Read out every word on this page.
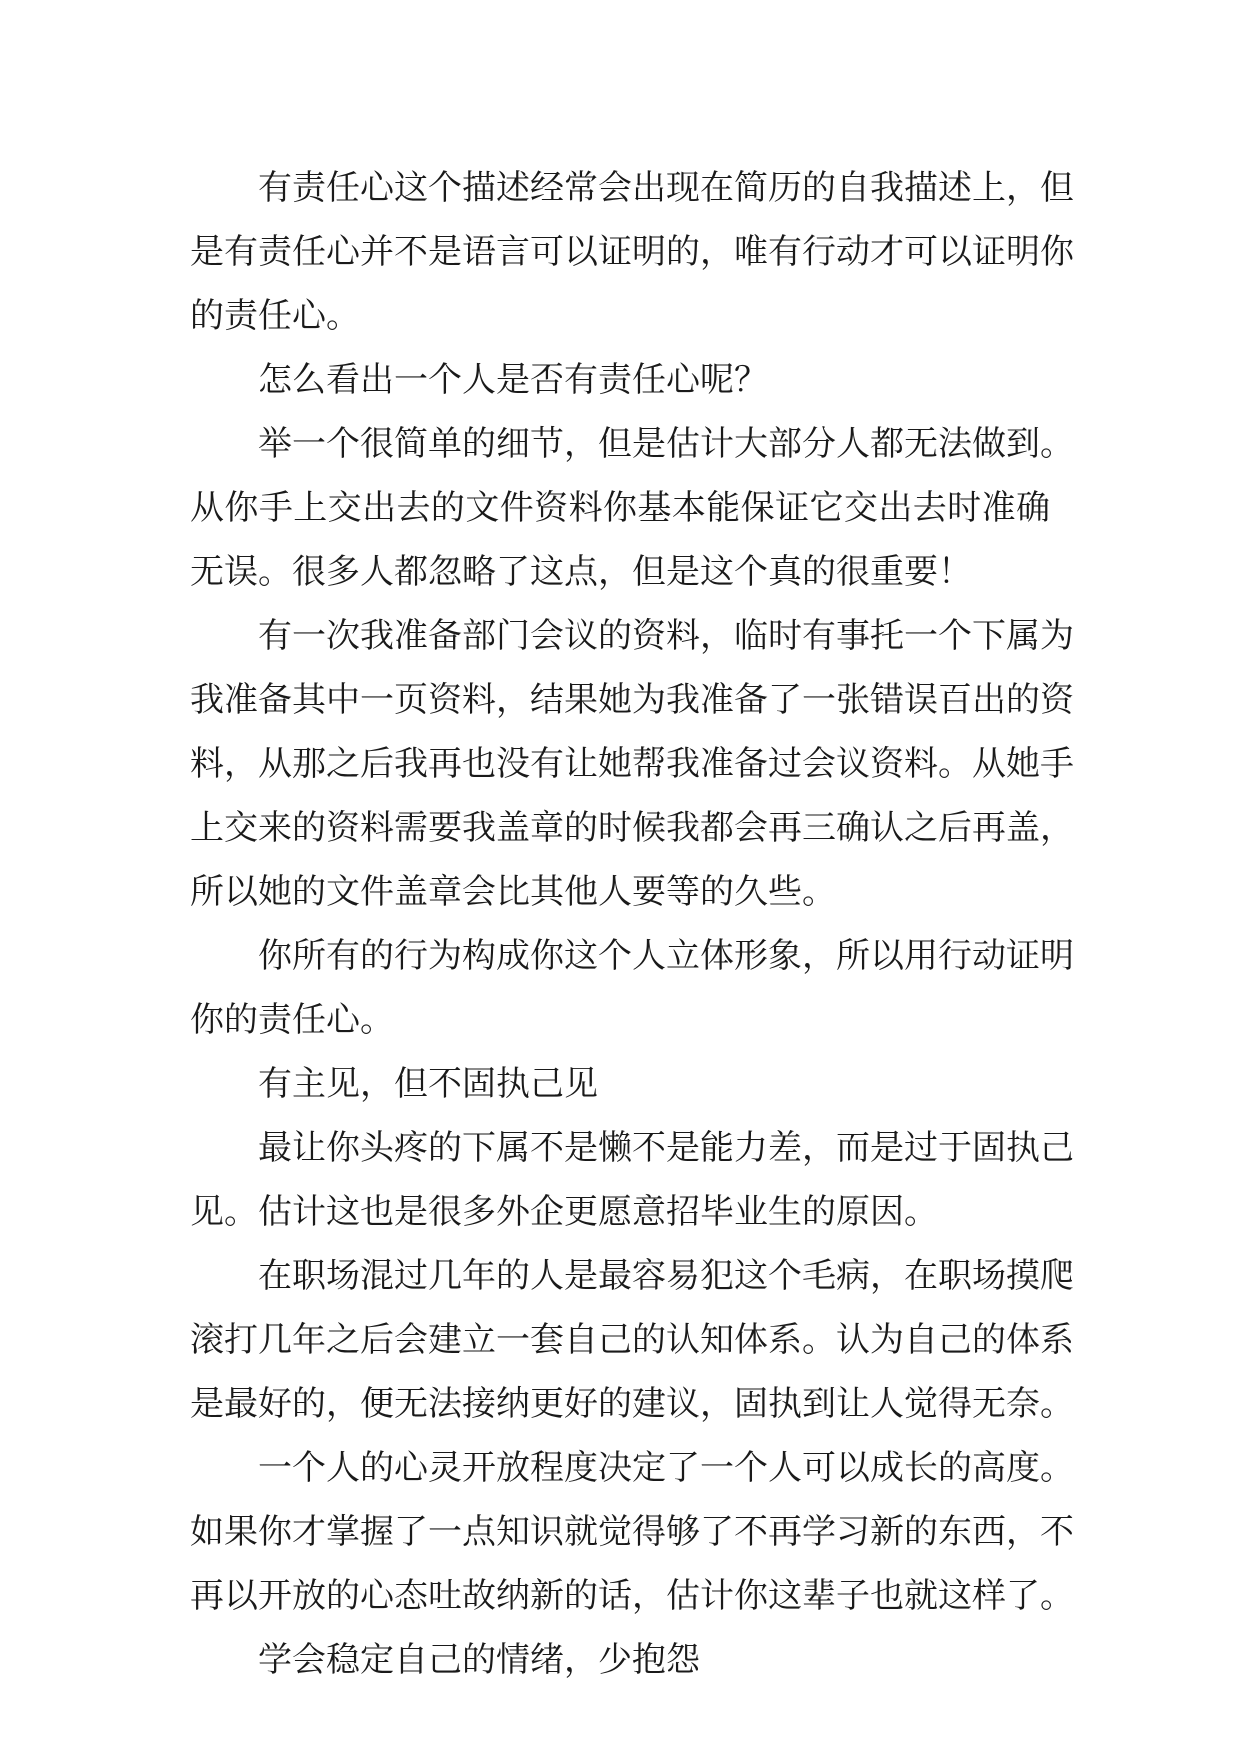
有责任心这个描述经常会出现在简历的自我描述上，但
是有责任心并不是语言可以证明的，唯有行动才可以证明你
的责任心。
怎么看出一个人是否有责任心呢？
举一个很简单的细节，但是估计大部分人都无法做到。
从你手上交出去的文件资料你基本能保证它交出去时准确
无误。很多人都忽略了这点，但是这个真的很重要！
有一次我准备部门会议的资料，临时有事托一个下属为
我准备其中一页资料，结果她为我准备了一张错误百出的资
料，从那之后我再也没有让她帮我准备过会议资料。从她手
上交来的资料需要我盖章的时候我都会再三确认之后再盖，
所以她的文件盖章会比其他人要等的久些。
你所有的行为构成你这个人立体形象，所以用行动证明
你的责任心。
有主见，但不固执己见
最让你头疼的下属不是懒不是能力差，而是过于固执己
见。估计这也是很多外企更愿意招毕业生的原因。
在职场混过几年的人是最容易犯这个毛病，在职场摸爬
滚打几年之后会建立一套自己的认知体系。认为自己的体系
是最好的，便无法接纳更好的建议，固执到让人觉得无奈。
一个人的心灵开放程度决定了一个人可以成长的高度。
如果你才掌握了一点知识就觉得够了不再学习新的东西，不
再以开放的心态吐故纳新的话，估计你这辈子也就这样了。
学会稳定自己的情绪，少抱怨
